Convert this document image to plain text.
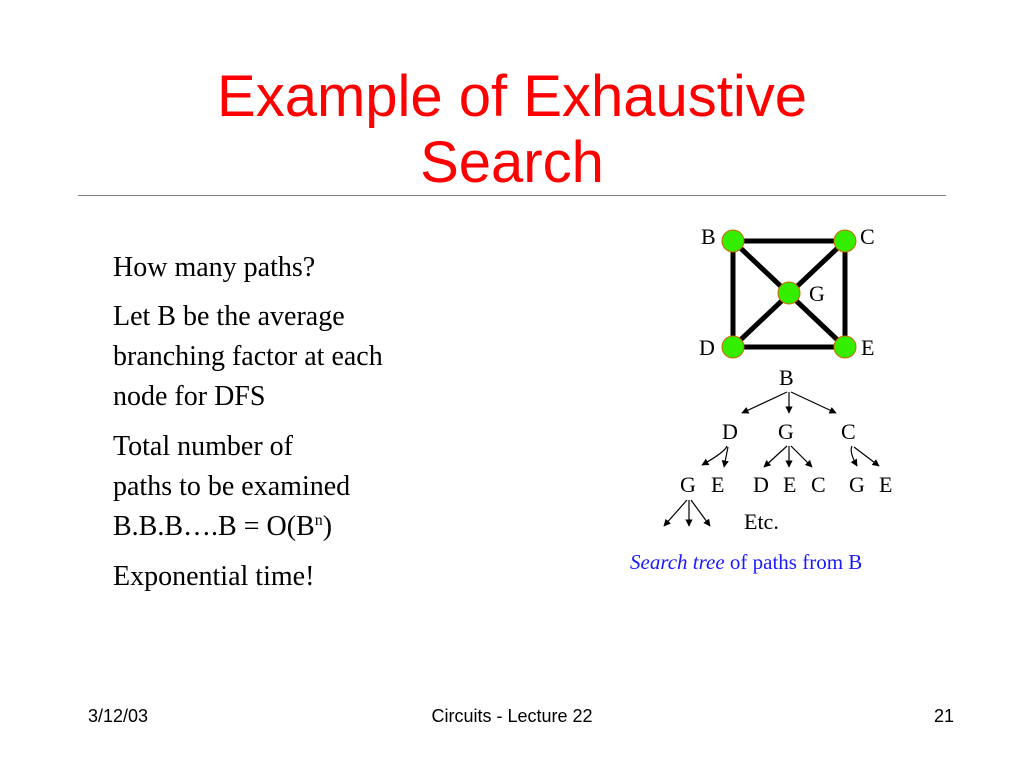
Example of Exhaustive
Search

How many paths?

Let B be the average branching factor at each node for DFS

Total number of
paths to be examined
B.B.B….B = $O(B^n)$

Exponential time!

B	C
G
D	E
B
D G C
G E D E C G E
Etc.
Search tree of paths from B
3/12/03	Circuits - Lecture 22	21
